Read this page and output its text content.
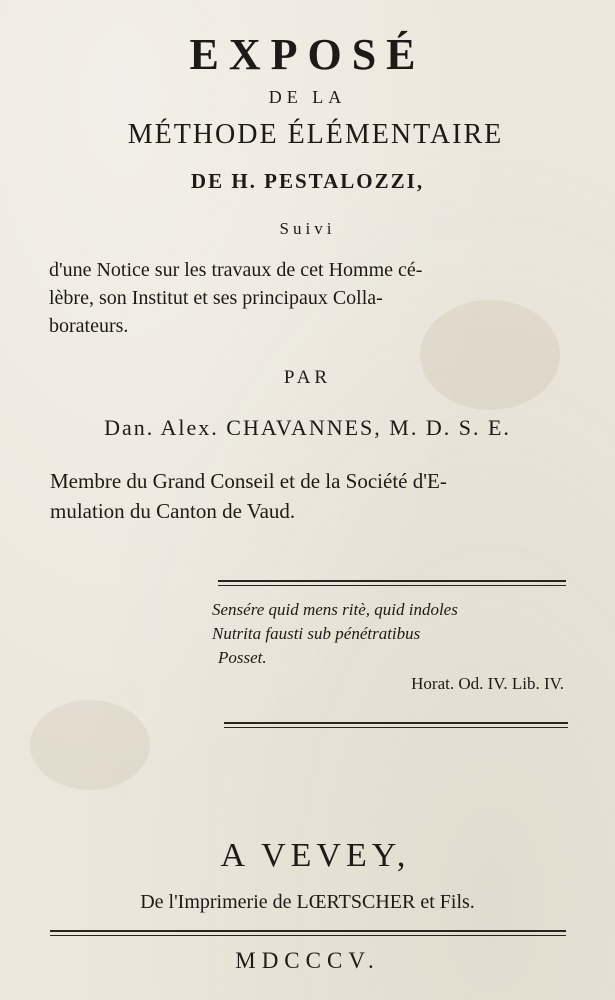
EXPOSÉ
DE LA
MÉTHODE ÉLÉMENTAIRE
DE H. PESTALOZZI,
Suivi
d'une Notice sur les travaux de cet Homme cé-
lèbre, son Institut et ses principaux Colla-
borateurs.
PAR
Dan. Alex. CHAVANNES, M. D. S. E.
Membre du Grand Conseil et de la Société d'E-
mulation du Canton de Vaud.
Sensére quid mens ritè, quid indoles
Nutrita fausti sub pénétratibus
Posset.
Horat. Od. IV. Lib. IV.
A VEVEY,
De l'Imprimerie de LŒRTSCHER et Fils.
MDCCCV.
